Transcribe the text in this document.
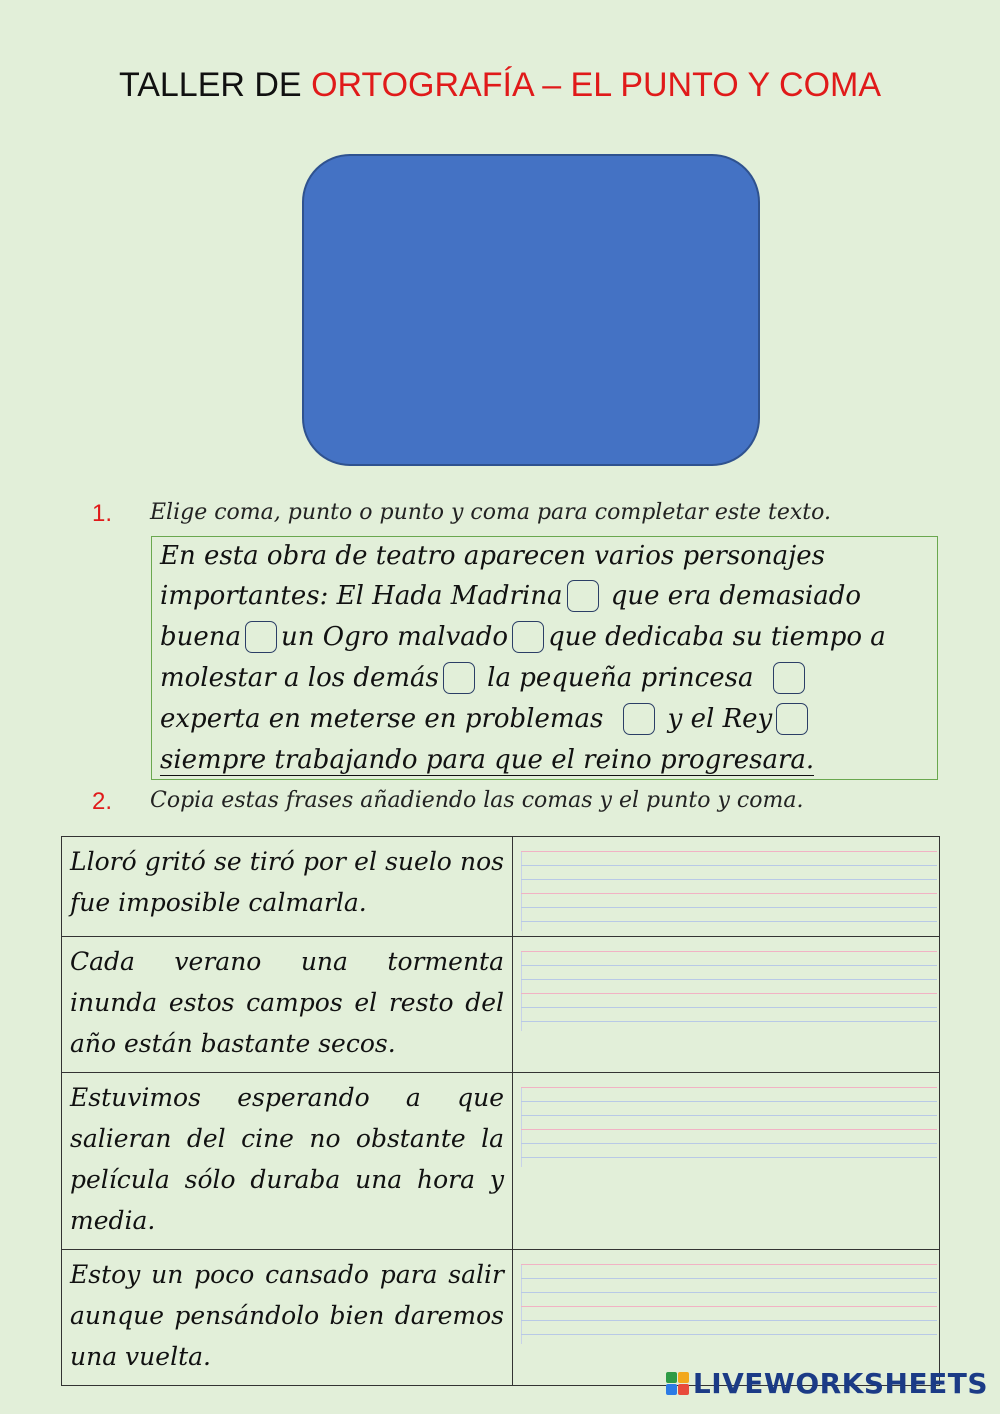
TALLER DE ORTOGRAFÍA – EL PUNTO Y COMA
1. Elige coma, punto o punto y coma para completar este texto.
En esta obra de teatro aparecen varios personajes
importantes: El Hada Madrina que era demasiado
buena un Ogro malvado que dedicaba su tiempo a
molestar a los demás la pequeña princesa
experta en meterse en problemas y el Rey
siempre trabajando para que el reino progresara.
2. Copia estas frases añadiendo las comas y el punto y coma.
Lloró gritó se tiró por el suelo nos fue imposible calmarla.	

Cada verano una tormenta inunda estos campos el resto del año están bastante secos.	

Estuvimos esperando a que salieran del cine no obstante la película sólo duraba una hora y media.	

Estoy un poco cansado para salir aunque pensándolo bien daremos una vuelta.	
LIVEWORKSHEETS
